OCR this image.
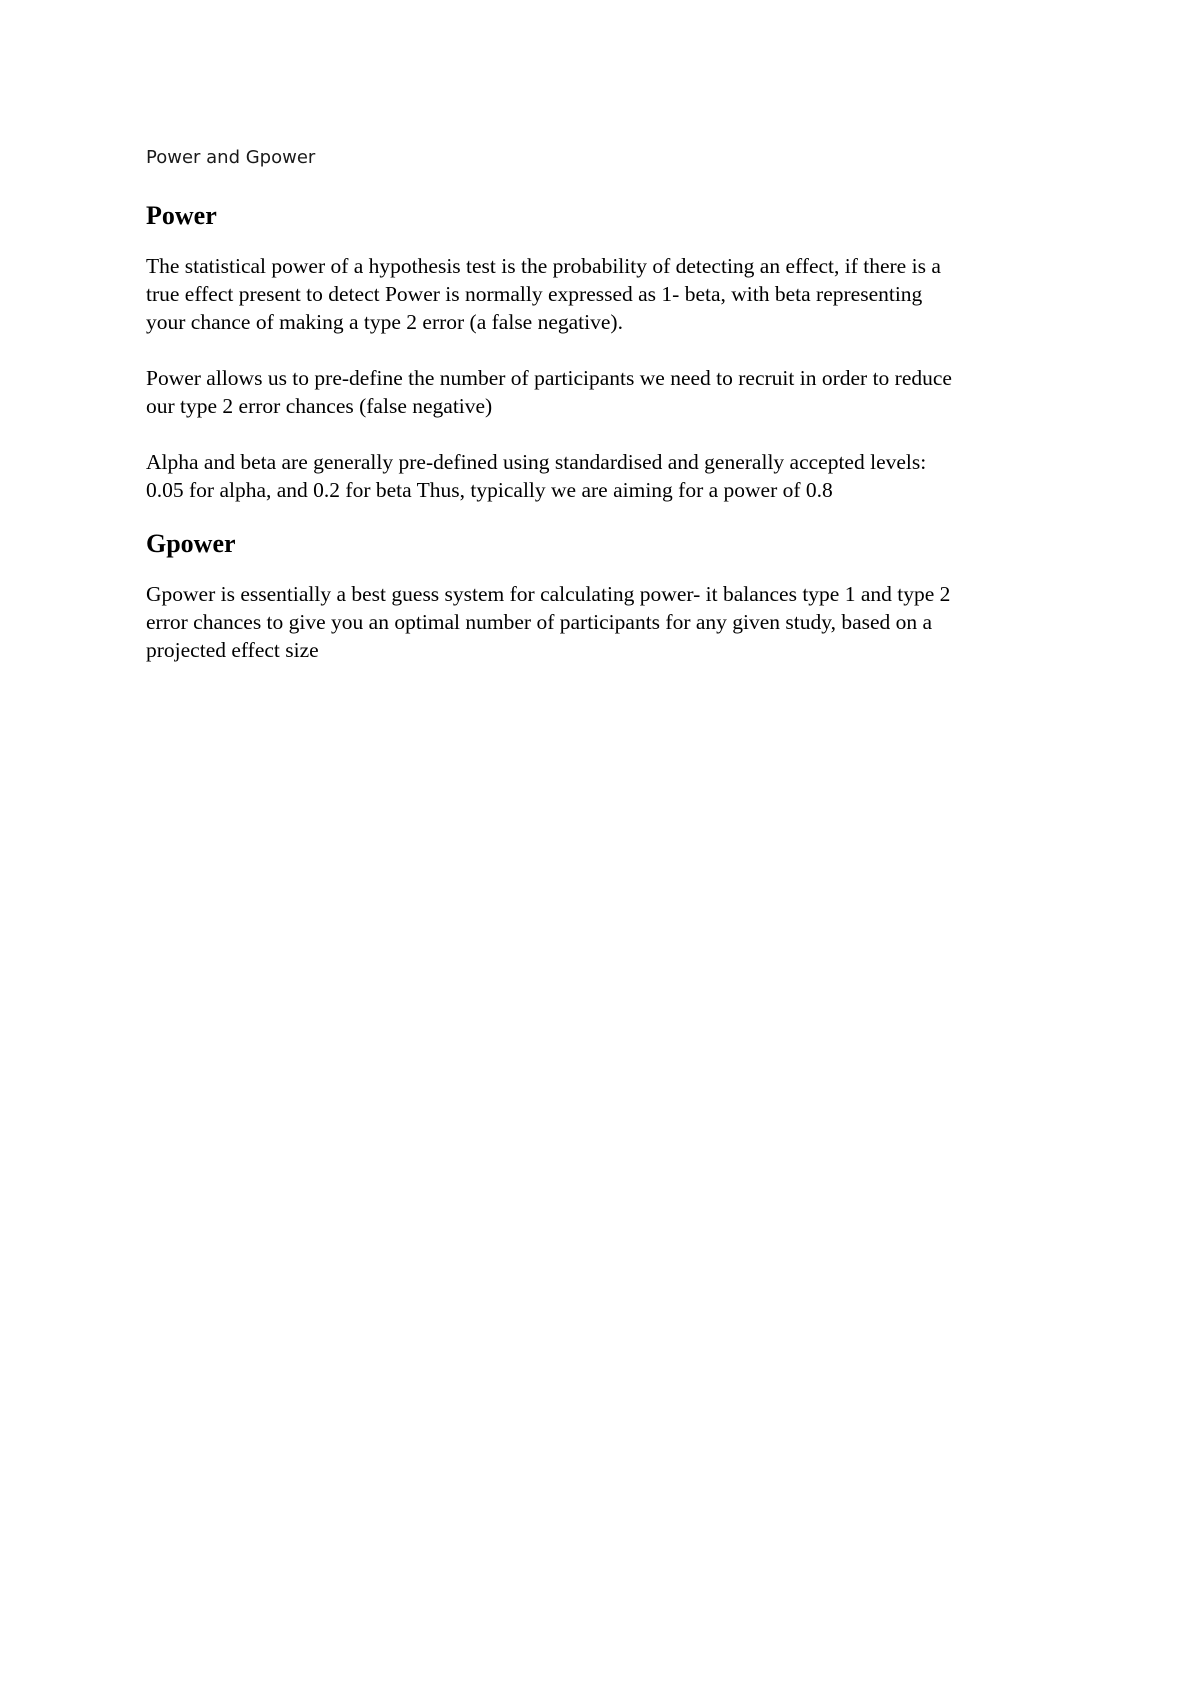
Power and Gpower
Power

The statistical power of a hypothesis test is the probability of detecting an effect, if there is a
true effect present to detect Power is normally expressed as 1- beta, with beta representing
your chance of making a type 2 error (a false negative).

Power allows us to pre-define the number of participants we need to recruit in order to reduce
our type 2 error chances (false negative)

Alpha and beta are generally pre-defined using standardised and generally accepted levels:
0.05 for alpha, and 0.2 for beta Thus, typically we are aiming for a power of 0.8

Gpower

Gpower is essentially a best guess system for calculating power- it balances type 1 and type 2
error chances to give you an optimal number of participants for any given study, based on a
projected effect size
